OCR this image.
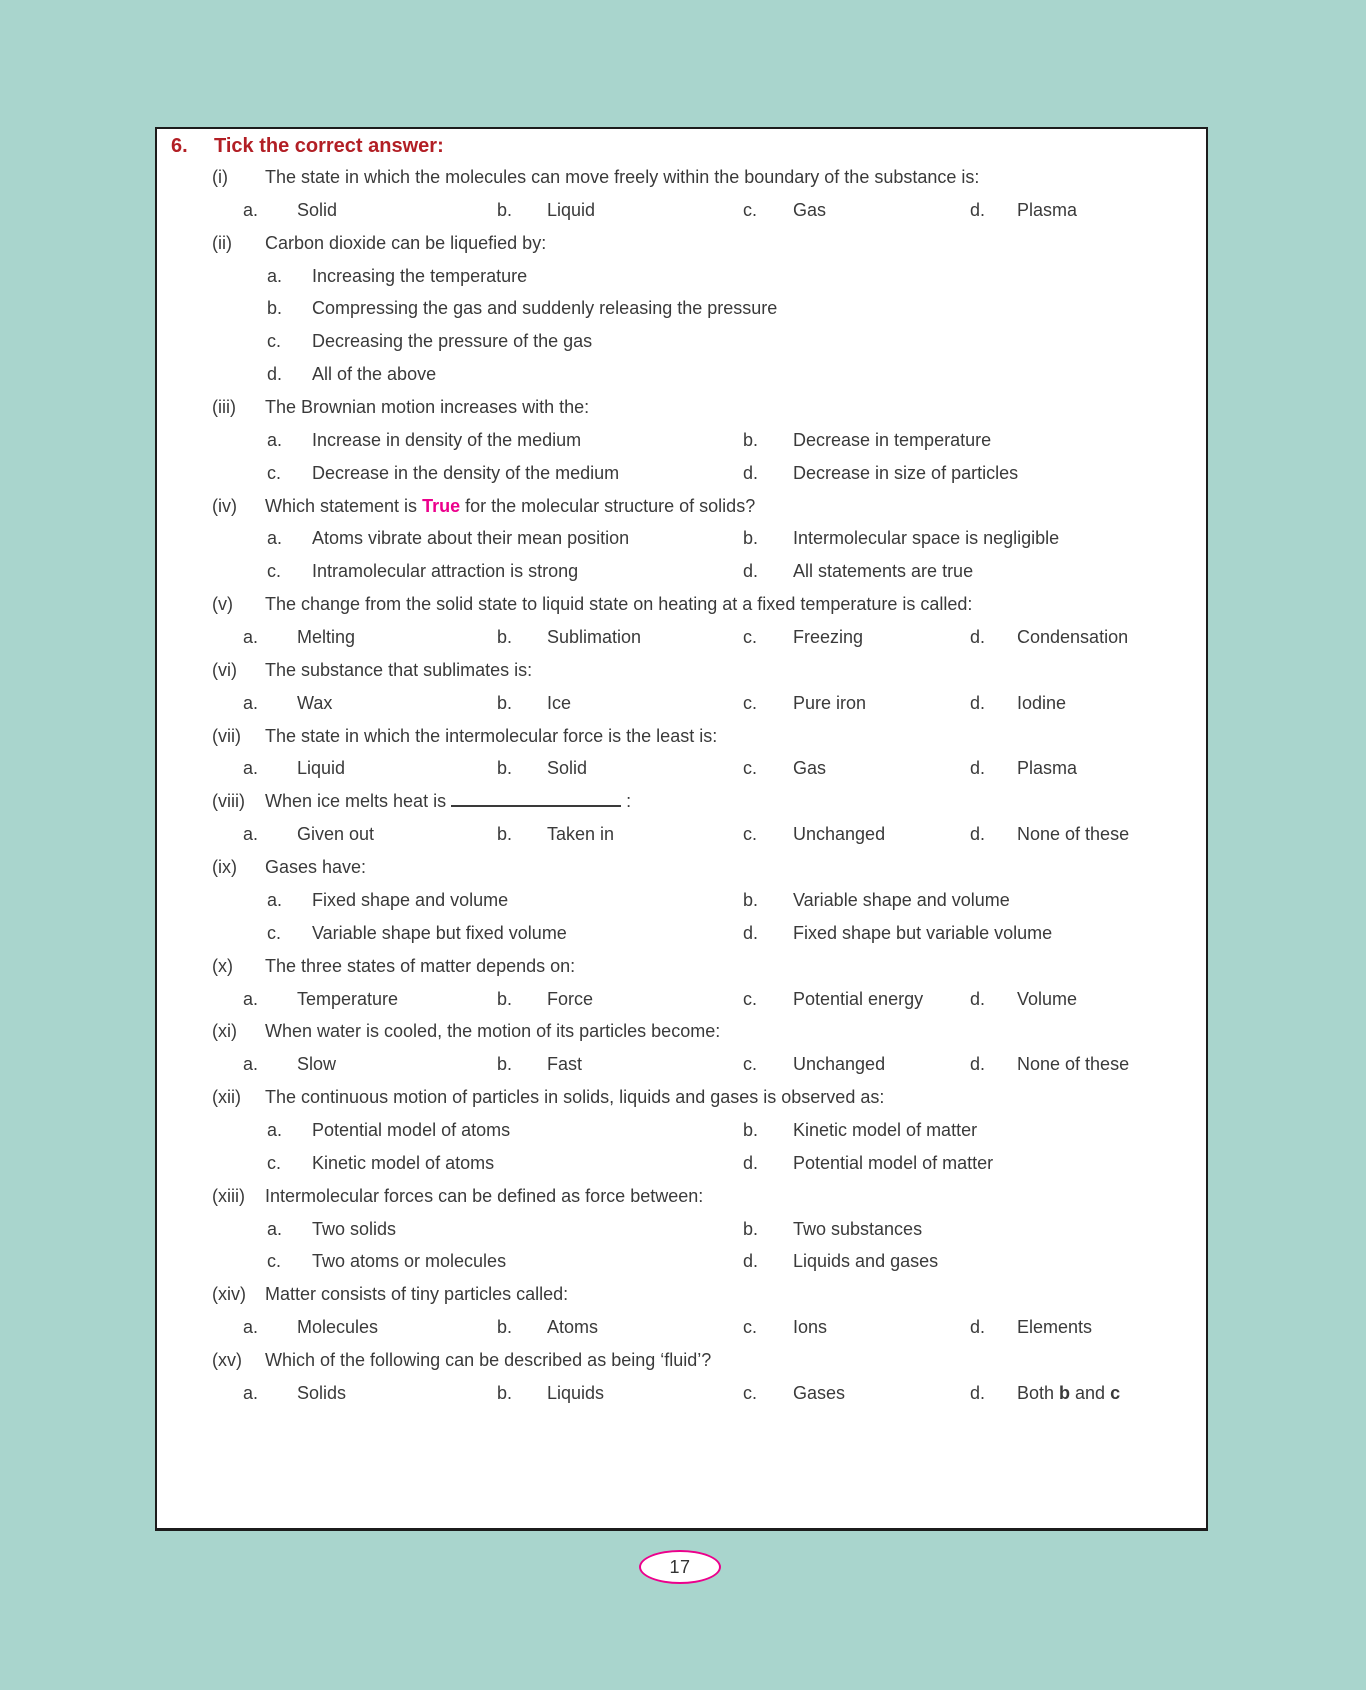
6. Tick the correct answer:
(i) The state in which the molecules can move freely within the boundary of the substance is:
a. Solid	b. Liquid	c. Gas	d. Plasma
(ii) Carbon dioxide can be liquefied by:
a. Increasing the temperature
b. Compressing the gas and suddenly releasing the pressure
c. Decreasing the pressure of the gas
d. All of the above
(iii) The Brownian motion increases with the:
a. Increase in density of the medium	b. Decrease in temperature
c. Decrease in the density of the medium	d. Decrease in size of particles
(iv) Which statement is True for the molecular structure of solids?
a. Atoms vibrate about their mean position	b. Intermolecular space is negligible
c. Intramolecular attraction is strong	d. All statements are true
(v) The change from the solid state to liquid state on heating at a fixed temperature is called:
a. Melting	b. Sublimation	c. Freezing	d. Condensation
(vi) The substance that sublimates is:
a. Wax	b. Ice	c. Pure iron	d. Iodine
(vii) The state in which the intermolecular force is the least is:
a. Liquid	b. Solid	c. Gas	d. Plasma
(viii) When ice melts heat is	:
a. Given out	b. Taken in	c. Unchanged	d. None of these
(ix) Gases have:
a. Fixed shape and volume	b. Variable shape and volume
c. Variable shape but fixed volume	d. Fixed shape but variable volume
(x) The three states of matter depends on:
a. Temperature	b. Force	c. Potential energy	d. Volume
(xi) When water is cooled, the motion of its particles become:
a. Slow	b. Fast	c. Unchanged	d. None of these
(xii) The continuous motion of particles in solids, liquids and gases is observed as:
a. Potential model of atoms	b. Kinetic model of matter
c. Kinetic model of atoms	d. Potential model of matter
(xiii) Intermolecular forces can be defined as force between:
a. Two solids	b. Two substances
c. Two atoms or molecules	d. Liquids and gases
(xiv) Matter consists of tiny particles called:
a. Molecules	b. Atoms	c. Ions	d. Elements
(xv) Which of the following can be described as being ‘fluid’?
a. Solids	b. Liquids	c. Gases	d. Both b and c
17
